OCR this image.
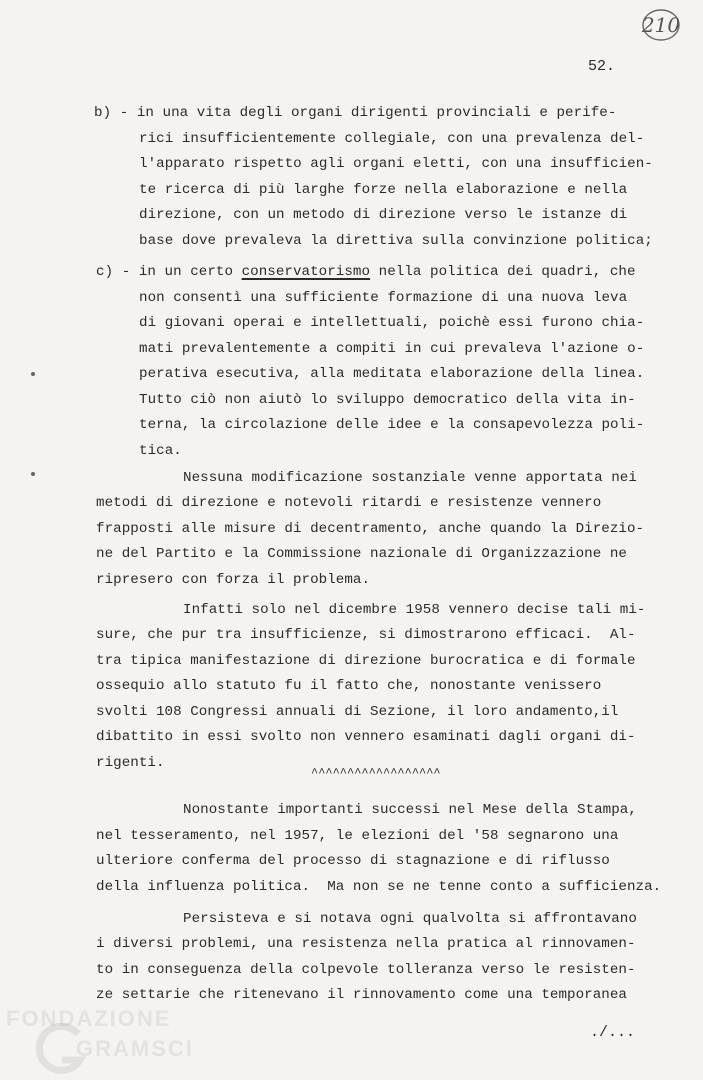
210
52.
b) - in una vita degli organi dirigenti provinciali e perife-
rici insufficientemente collegiale, con una prevalenza del-
l'apparato rispetto agli organi eletti, con una insufficien-
te ricerca di più larghe forze nella elaborazione e nella
direzione, con un metodo di direzione verso le istanze di
base dove prevaleva la direttiva sulla convinzione politica;
c) - in un certo conservatorismo nella politica dei quadri, che
non consentì una sufficiente formazione di una nuova leva
di giovani operai e intellettuali, poichè essi furono chia-
mati prevalentemente a compiti in cui prevaleva l'azione o-
perativa esecutiva, alla meditata elaborazione della linea.
Tutto ciò non aiutò lo sviluppo democratico della vita in-
terna, la circolazione delle idee e la consapevolezza poli-
tica.
Nessuna modificazione sostanziale venne apportata nei
metodi di direzione e notevoli ritardi e resistenze vennero
frapposti alle misure di decentramento, anche quando la Direzio-
ne del Partito e la Commissione nazionale di Organizzazione ne
ripresero con forza il problema.
Infatti solo nel dicembre 1958 vennero decise tali mi-
sure, che pur tra insufficienze, si dimostrarono efficaci.  Al-
tra tipica manifestazione di direzione burocratica e di formale
ossequio allo statuto fu il fatto che, nonostante venissero
svolti 108 Congressi annuali di Sezione, il loro andamento,il
dibattito in essi svolto non vennero esaminati dagli organi di-
rigenti.
^^^^^^^^^^^^^^^^^^
Nonostante importanti successi nel Mese della Stampa,
nel tesseramento, nel 1957, le elezioni del '58 segnarono una
ulteriore conferma del processo di stagnazione e di riflusso
della influenza politica.  Ma non se ne tenne conto a sufficienza.
Persisteva e si notava ogni qualvolta si affrontavano
i diversi problemi, una resistenza nella pratica al rinnovamen-
to in conseguenza della colpevole tolleranza verso le resisten-
ze settarie che ritenevano il rinnovamento come una temporanea
./...
FONDAZIONE
GRAMSCI
